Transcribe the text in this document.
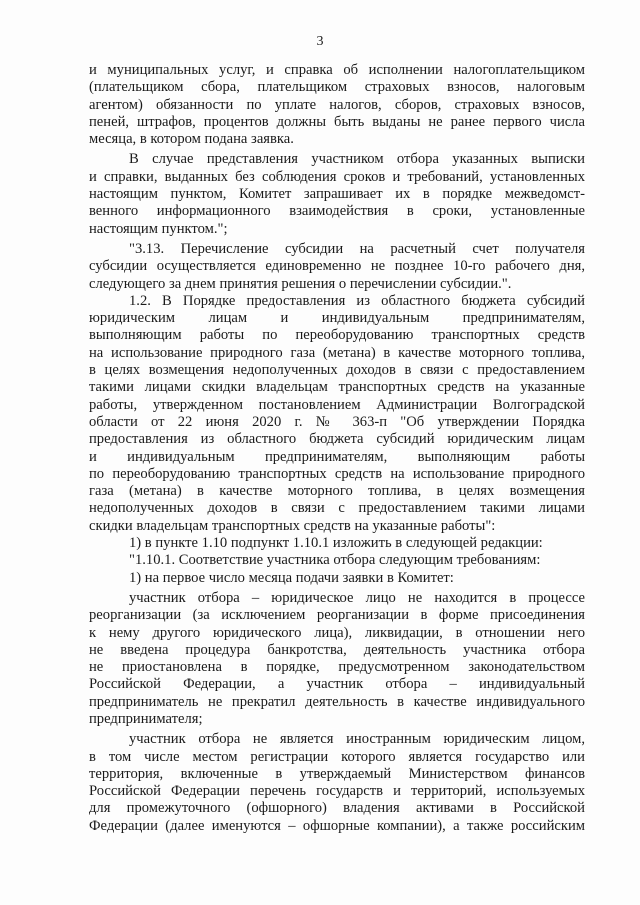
3

и муниципальных услуг, и справка об исполнении налогоплательщиком
(плательщиком сбора, плательщиком страховых взносов, налоговым
агентом) обязанности по уплате налогов, сборов, страховых взносов,
пеней, штрафов, процентов должны быть выданы не ранее первого числа
месяца, в котором подана заявка.

В случае представления участником отбора указанных выписки
и справки, выданных без соблюдения сроков и требований, установленных
настоящим пунктом, Комитет запрашивает их в порядке межведомст-
венного информационного взаимодействия в сроки, установленные
настоящим пунктом.";

"3.13. Перечисление субсидии на расчетный счет получателя
субсидии осуществляется единовременно не позднее 10-го рабочего дня,
следующего за днем принятия решения о перечислении субсидии.".

1.2. В Порядке предоставления из областного бюджета субсидий
юридическим лицам и индивидуальным предпринимателям,
выполняющим работы по переоборудованию транспортных средств
на использование природного газа (метана) в качестве моторного топлива,
в целях возмещения недополученных доходов в связи с предоставлением
такими лицами скидки владельцам транспортных средств на указанные
работы, утвержденном постановлением Администрации Волгоградской
области от 22 июня 2020 г. № 363-п "Об утверждении Порядка
предоставления из областного бюджета субсидий юридическим лицам
и индивидуальным предпринимателям, выполняющим работы
по переоборудованию транспортных средств на использование природного
газа (метана) в качестве моторного топлива, в целях возмещения
недополученных доходов в связи с предоставлением такими лицами
скидки владельцам транспортных средств на указанные работы":

1) в пункте 1.10 подпункт 1.10.1 изложить в следующей редакции:

"1.10.1. Соответствие участника отбора следующим требованиям:

1) на первое число месяца подачи заявки в Комитет:

участник отбора – юридическое лицо не находится в процессе
реорганизации (за исключением реорганизации в форме присоединения
к нему другого юридического лица), ликвидации, в отношении него
не введена процедура банкротства, деятельность участника отбора
не приостановлена в порядке, предусмотренном законодательством
Российской Федерации, а участник отбора – индивидуальный
предприниматель не прекратил деятельность в качестве индивидуального
предпринимателя;

участник отбора не является иностранным юридическим лицом,
в том числе местом регистрации которого является государство или
территория, включенные в утверждаемый Министерством финансов
Российской Федерации перечень государств и территорий, используемых
для промежуточного (офшорного) владения активами в Российской
Федерации (далее именуются – офшорные компании), а также российским
